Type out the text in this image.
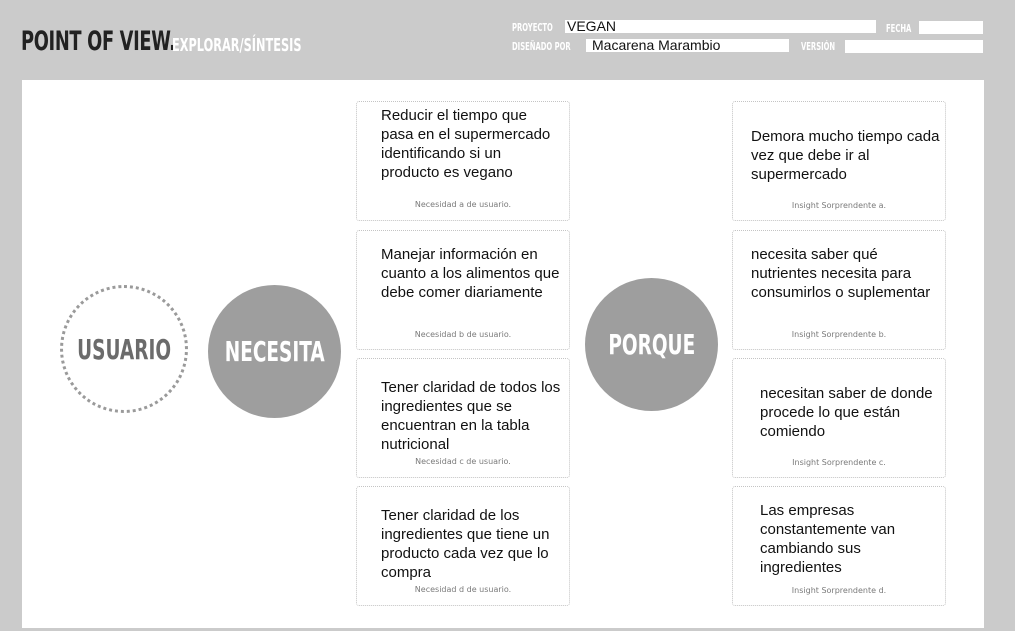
POINT OF VIEW.
EXPLORAR/SÍNTESIS
PROYECTO VEGAN	FECHA
DISEÑADO POR	Macarena Marambio	VERSIÓN
USUARIO NECESITA	PORQUE
Reducir el tiempo que pasa en el supermercado identificando si un producto es vegano
Necesidad a de usuario.
Manejar información en cuanto a los alimentos que debe comer diariamente
Necesidad b de usuario.
Tener claridad de todos los ingredientes que se encuentran en la tabla nutricional
Necesidad c de usuario.
Tener claridad de los ingredientes que tiene un producto cada vez que lo compra
Necesidad d de usuario.
Demora mucho tiempo cada vez que debe ir al supermercado
Insight Sorprendente a.
necesita saber qué nutrientes necesita para consumirlos o suplementar
Insight Sorprendente b.
necesitan saber de donde procede lo que están comiendo
Insight Sorprendente c.
Las empresas constantemente van cambiando sus ingredientes
Insight Sorprendente d.
